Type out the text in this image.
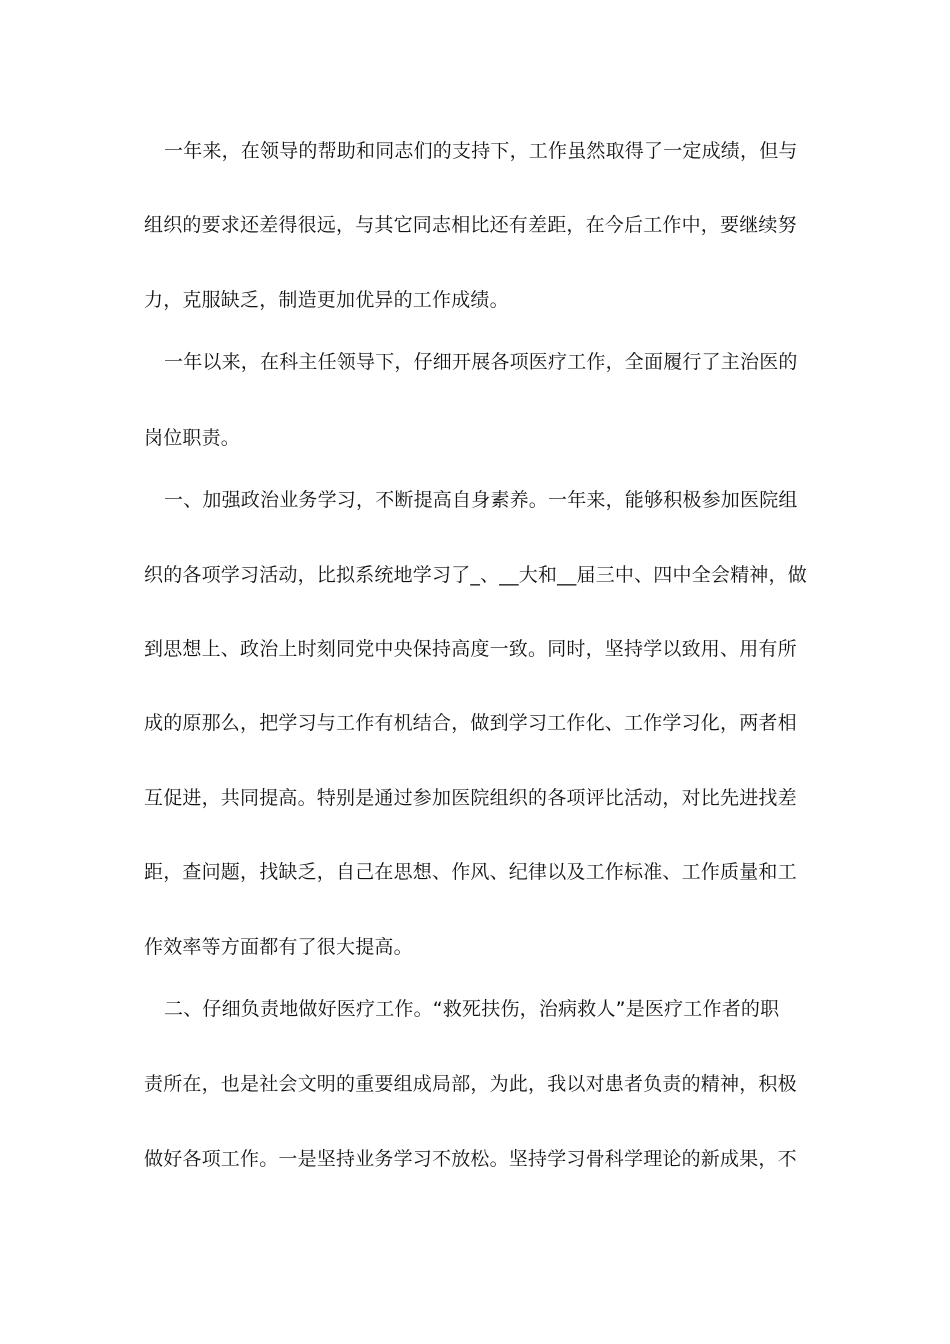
一年来，在领导的帮助和同志们的支持下，工作虽然取得了一定成绩，但与
组织的要求还差得很远，与其它同志相比还有差距，在今后工作中，要继续努
力，克服缺乏，制造更加优异的工作成绩。
一年以来，在科主任领导下，仔细开展各项医疗工作，全面履行了主治医的
岗位职责。
一、加强政治业务学习，不断提高自身素养。一年来，能够积极参加医院组
织的各项学习活动，比拟系统地学习了_、__大和__届三中、四中全会精神，做
到思想上、政治上时刻同党中央保持高度一致。同时，坚持学以致用、用有所
成的原那么，把学习与工作有机结合，做到学习工作化、工作学习化，两者相
互促进，共同提高。特别是通过参加医院组织的各项评比活动，对比先进找差
距，查问题，找缺乏，自己在思想、作风、纪律以及工作标准、工作质量和工
作效率等方面都有了很大提高。
二、仔细负责地做好医疗工作。“救死扶伤，治病救人”是医疗工作者的职
责所在，也是社会文明的重要组成局部，为此，我以对患者负责的精神，积极
做好各项工作。一是坚持业务学习不放松。坚持学习骨科学理论的新成果，不
